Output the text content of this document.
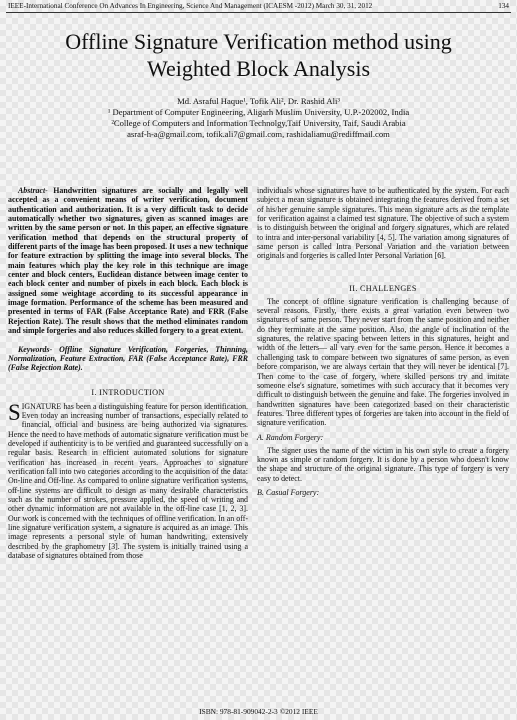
IEEE-International Conference On Advances In Engineering, Science And Management (ICAESM -2012) March 30, 31, 2012	134
Offline Signature Verification method using
Weighted Block Analysis
Md. Asraful Haque¹, Tofik Ali², Dr. Rashid Ali³
¹ Department of Computer Engineering, Aligarh Muslim University, U.P.-202002, India
²College of Computers and Information Technolgy,Taif University, Taif, Saudi Arabia
asraf-h-a@gmail.com, tofik.ali7@gmail.com, rashidaliamu@rediffmail.com

Abstract- Handwritten signatures are socially and legally well accepted as a convenient means of writer verification, document authentication and authorization. It is a very difficult task to decide automatically whether two signatures, given as scanned images are written by the same person or not. In this paper, an effective signature verification method that depends on the structural property of different parts of the image has been proposed. It uses a new technique for feature extraction by splitting the image into several blocks. The main features which play the key role in this technique are image center and block centers, Euclidean distance between image center to each block center and number of pixels in each block. Each block is assigned some weightage according to its successful appearance in image formation. Performance of the scheme has been measured and presented in terms of FAR (False Acceptance Rate) and FRR (False Rejection Rate). The result shows that the method eliminates random and simple forgeries and also reduces skilled forgery to a great extent.

Keywords- Offline Signature Verification, Forgeries, Thinning, Normalization, Feature Extraction, FAR (False Acceptance Rate), FRR (False Rejection Rate).

I. INTRODUCTION

SIGNATURE has been a distinguishing feature for person identification. Even today an increasing number of transactions, especially related to financial, official and business are being authorized via signatures. Hence the need to have methods of automatic signature verification must be developed if authenticity is to be verified and guaranteed successfully on a regular basis. Research in efficient automated solutions for signature verification has increased in recent years. Approaches to signature verification fall into two categories according to the acquisition of the data: On-line and Off-line. As compared to online signature verification systems, off-line systems are difficult to design as many desirable characteristics such as the number of strokes, pressure applied, the speed of writing and other dynamic information are not available in the off-line case [1, 2, 3]. Our work is concerned with the techniques of offline verification. In an off-line signature verification system, a signature is acquired as an image. This image represents a personal style of human handwriting, extensively described by the graphometry [3]. The system is initially trained using a database of signatures obtained from those

individuals whose signatures have to be authenticated by the system. For each subject a mean signature is obtained integrating the features derived from a set of his/her genuine sample signatures. This mean signature acts as the template for verification against a claimed test signature. The objective of such a system is to distinguish between the original and forgery signatures, which are related to intra and inter-personal variability [4, 5]. The variation among signatures of same person is called Intra Personal Variation and the variation between originals and forgeries is called Inter Personal Variation [6].

II. CHALLENGES

The concept of offline signature verification is challenging because of several reasons. Firstly, there exists a great variation even between two signatures of same person. They never start from the same position and neither do they terminate at the same position. Also, the angle of inclination of the signatures, the relative spacing between letters in this signatures, height and width of the letters— all vary even for the same person. Hence it becomes a challenging task to compare between two signatures of same person, as even before comparison, we are always certain that they will never be identical [7]. Then come to the case of forgery, where skilled persons try and imitate someone else's signature, sometimes with such accuracy that it becomes very difficult to distinguish between the genuine and fake. The forgeries involved in handwritten signatures have been categorized based on their characteristic features. Three different types of forgeries are taken into account in the field of signature verification.

A. Random Forgery:

The signer uses the name of the victim in his own style to create a forgery known as simple or random forgery. It is done by a person who doesn't know the shape and structure of the original signature. This type of forgery is very easy to detect.

B. Casual Forgery:
ISBN: 978-81-909042-2-3 ©2012 IEEE
